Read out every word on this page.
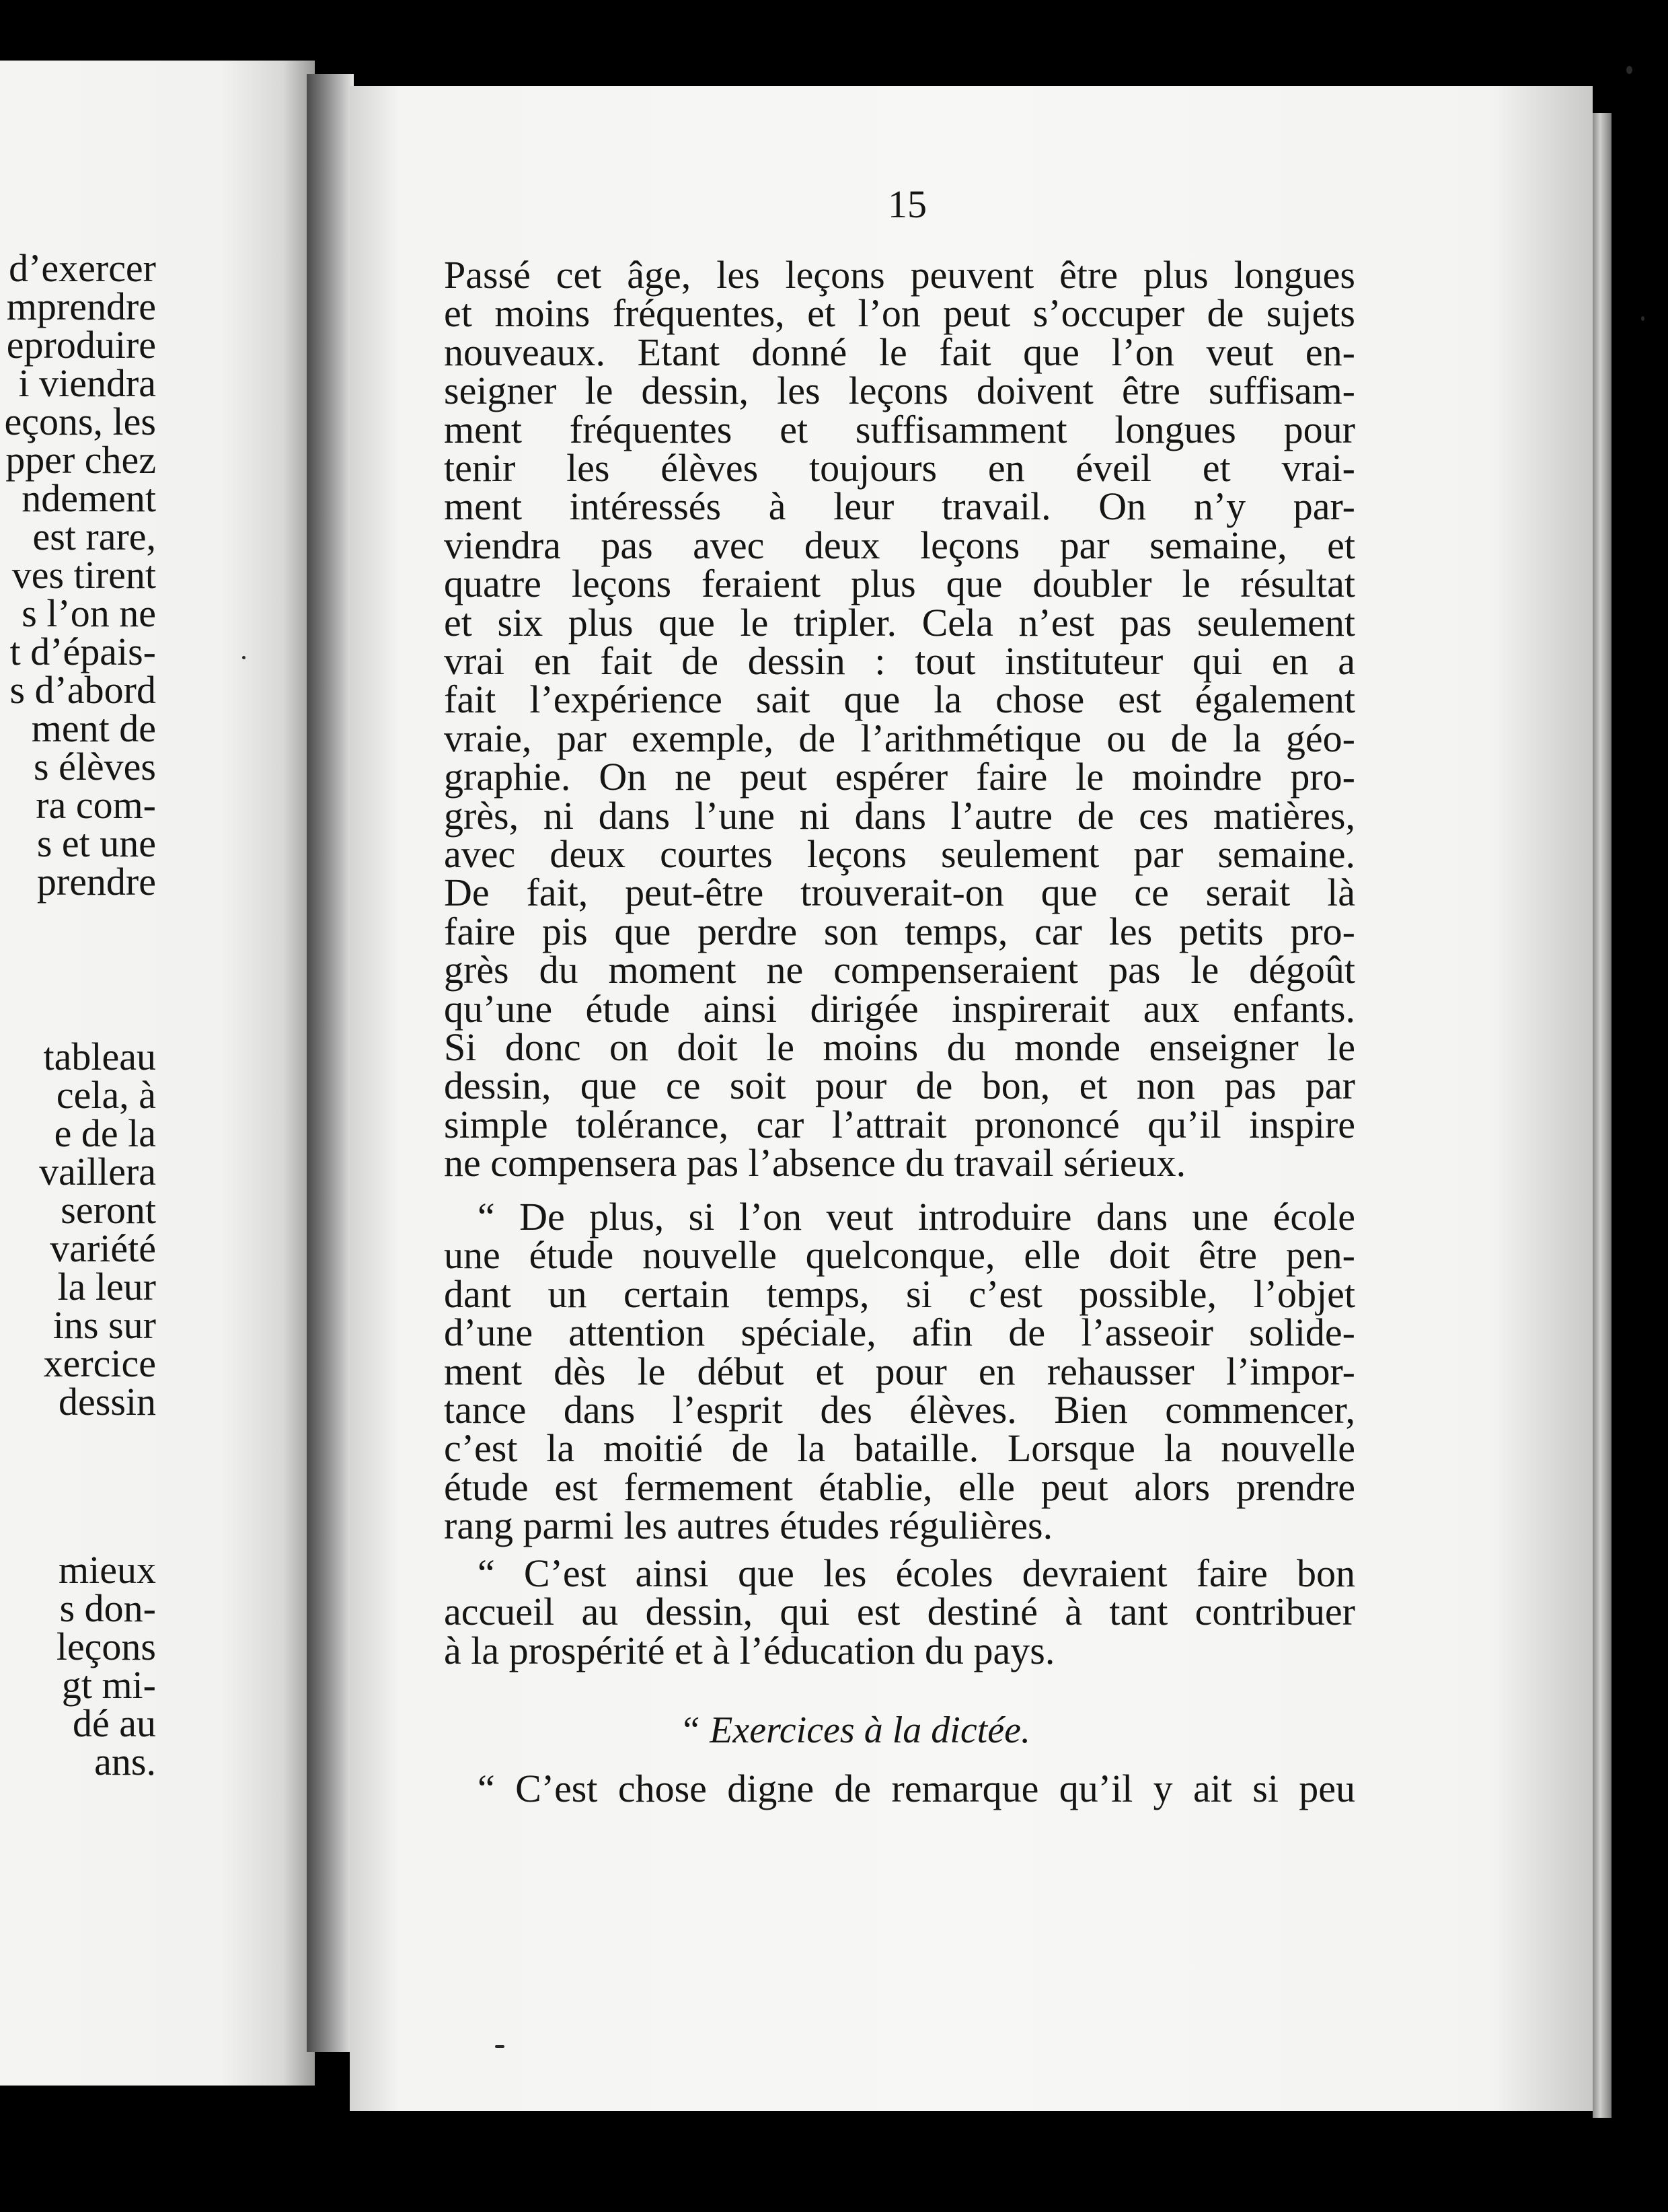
d’exercer
mprendre
eproduire
i viendra
eçons, les
pper chez
ndement
est rare,
ves tirent
s l’on ne
t d’épais-
s d’abord
ment de
s élèves
ra com-
s et une
prendre
tableau
cela, à
e de la
vaillera
seront
variété
la leur
ins sur
xercice
dessin
mieux
s don-
leçons
gt mi-
dé au
ans.
15
Passé cet âge, les leçons peuvent être plus longues
et moins fréquentes, et l’on peut s’occuper de sujets
nouveaux. Etant donné le fait que l’on veut en-
seigner le dessin, les leçons doivent être suffisam-
ment fréquentes et suffisamment longues pour
tenir les élèves toujours en éveil et vrai-
ment intéressés à leur travail. On n’y par-
viendra pas avec deux leçons par semaine, et
quatre leçons feraient plus que doubler le résultat
et six plus que le tripler. Cela n’est pas seulement
vrai en fait de dessin : tout instituteur qui en a
fait l’expérience sait que la chose est également
vraie, par exemple, de l’arithmétique ou de la géo-
graphie. On ne peut espérer faire le moindre pro-
grès, ni dans l’une ni dans l’autre de ces matières,
avec deux courtes leçons seulement par semaine.
De fait, peut-être trouverait-on que ce serait là
faire pis que perdre son temps, car les petits pro-
grès du moment ne compenseraient pas le dégoût
qu’une étude ainsi dirigée inspirerait aux enfants.
Si donc on doit le moins du monde enseigner le
dessin, que ce soit pour de bon, et non pas par
simple tolérance, car l’attrait prononcé qu’il inspire
ne compensera pas l’absence du travail sérieux.
“ De plus, si l’on veut introduire dans une école
une étude nouvelle quelconque, elle doit être pen-
dant un certain temps, si c’est possible, l’objet
d’une attention spéciale, afin de l’asseoir solide-
ment dès le début et pour en rehausser l’impor-
tance dans l’esprit des élèves. Bien commencer,
c’est la moitié de la bataille. Lorsque la nouvelle
étude est fermement établie, elle peut alors prendre
rang parmi les autres études régulières.
“ C’est ainsi que les écoles devraient faire bon
accueil au dessin, qui est destiné à tant contribuer
à la prospérité et à l’éducation du pays.
“ C’est chose digne de remarque qu’il y ait si peu
“ Exercices à la dictée.
